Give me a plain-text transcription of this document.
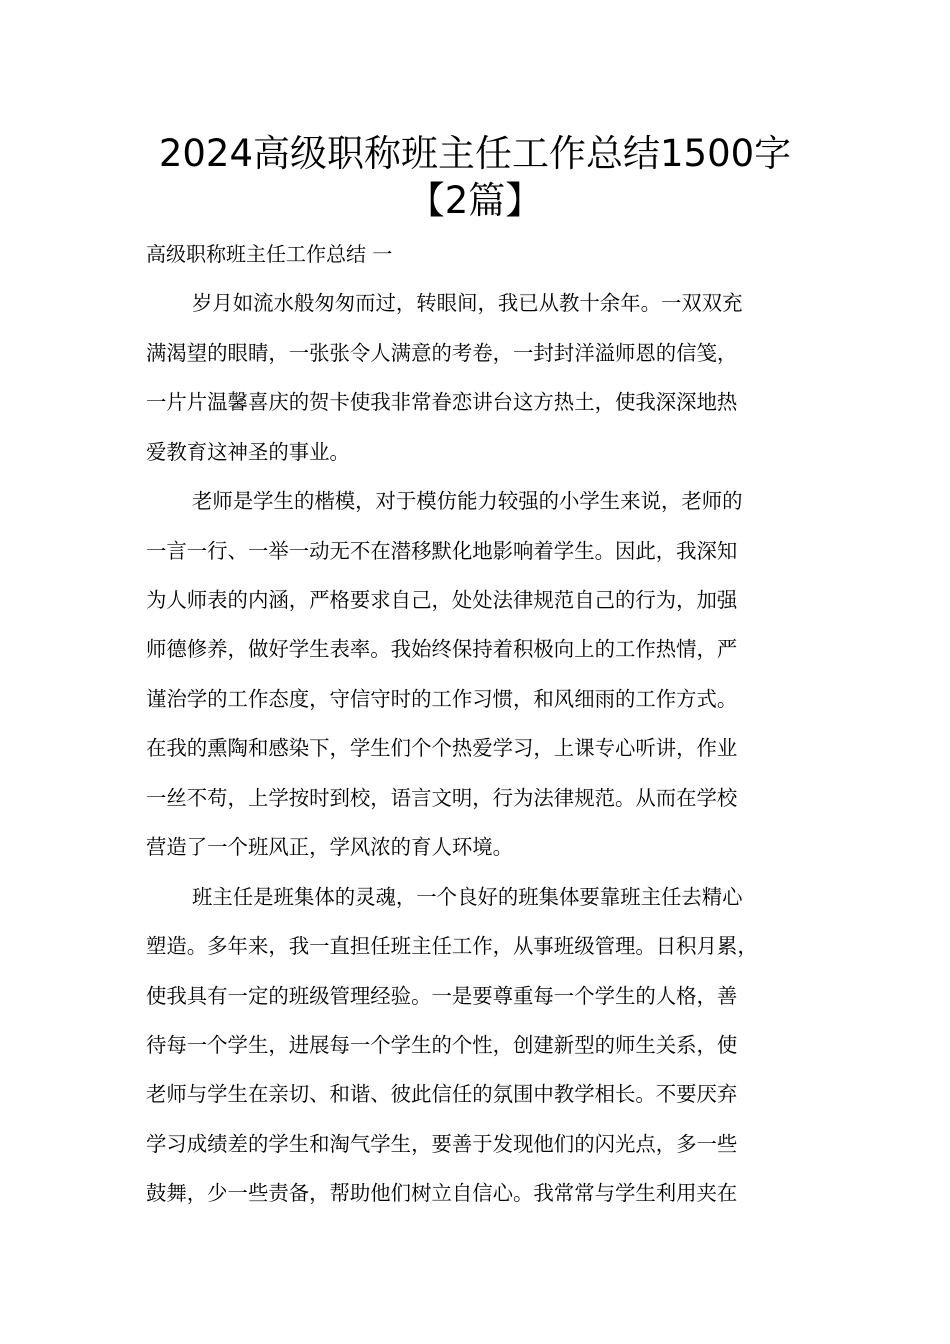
2024高级职称班主任工作总结1500字
【2篇】
高级职称班主任工作总结 一
岁月如流水般匆匆而过，转眼间，我已从教十余年。一双双充
满渴望的眼睛，一张张令人满意的考卷，一封封洋溢师恩的信笺，
一片片温馨喜庆的贺卡使我非常眷恋讲台这方热土，使我深深地热
爱教育这神圣的事业。
老师是学生的楷模，对于模仿能力较强的小学生来说，老师的
一言一行、一举一动无不在潜移默化地影响着学生。因此，我深知
为人师表的内涵，严格要求自己，处处法律规范自己的行为，加强
师德修养，做好学生表率。我始终保持着积极向上的工作热情，严
谨治学的工作态度，守信守时的工作习惯，和风细雨的工作方式。
在我的熏陶和感染下，学生们个个热爱学习，上课专心听讲，作业
一丝不苟，上学按时到校，语言文明，行为法律规范。从而在学校
营造了一个班风正，学风浓的育人环境。
班主任是班集体的灵魂，一个良好的班集体要靠班主任去精心
塑造。多年来，我一直担任班主任工作，从事班级管理。日积月累，
使我具有一定的班级管理经验。一是要尊重每一个学生的人格，善
待每一个学生，进展每一个学生的个性，创建新型的师生关系，使
老师与学生在亲切、和谐、彼此信任的氛围中教学相长。不要厌弃
学习成绩差的学生和淘气学生，要善于发现他们的闪光点，多一些
鼓舞，少一些责备，帮助他们树立自信心。我常常与学生利用夹在
